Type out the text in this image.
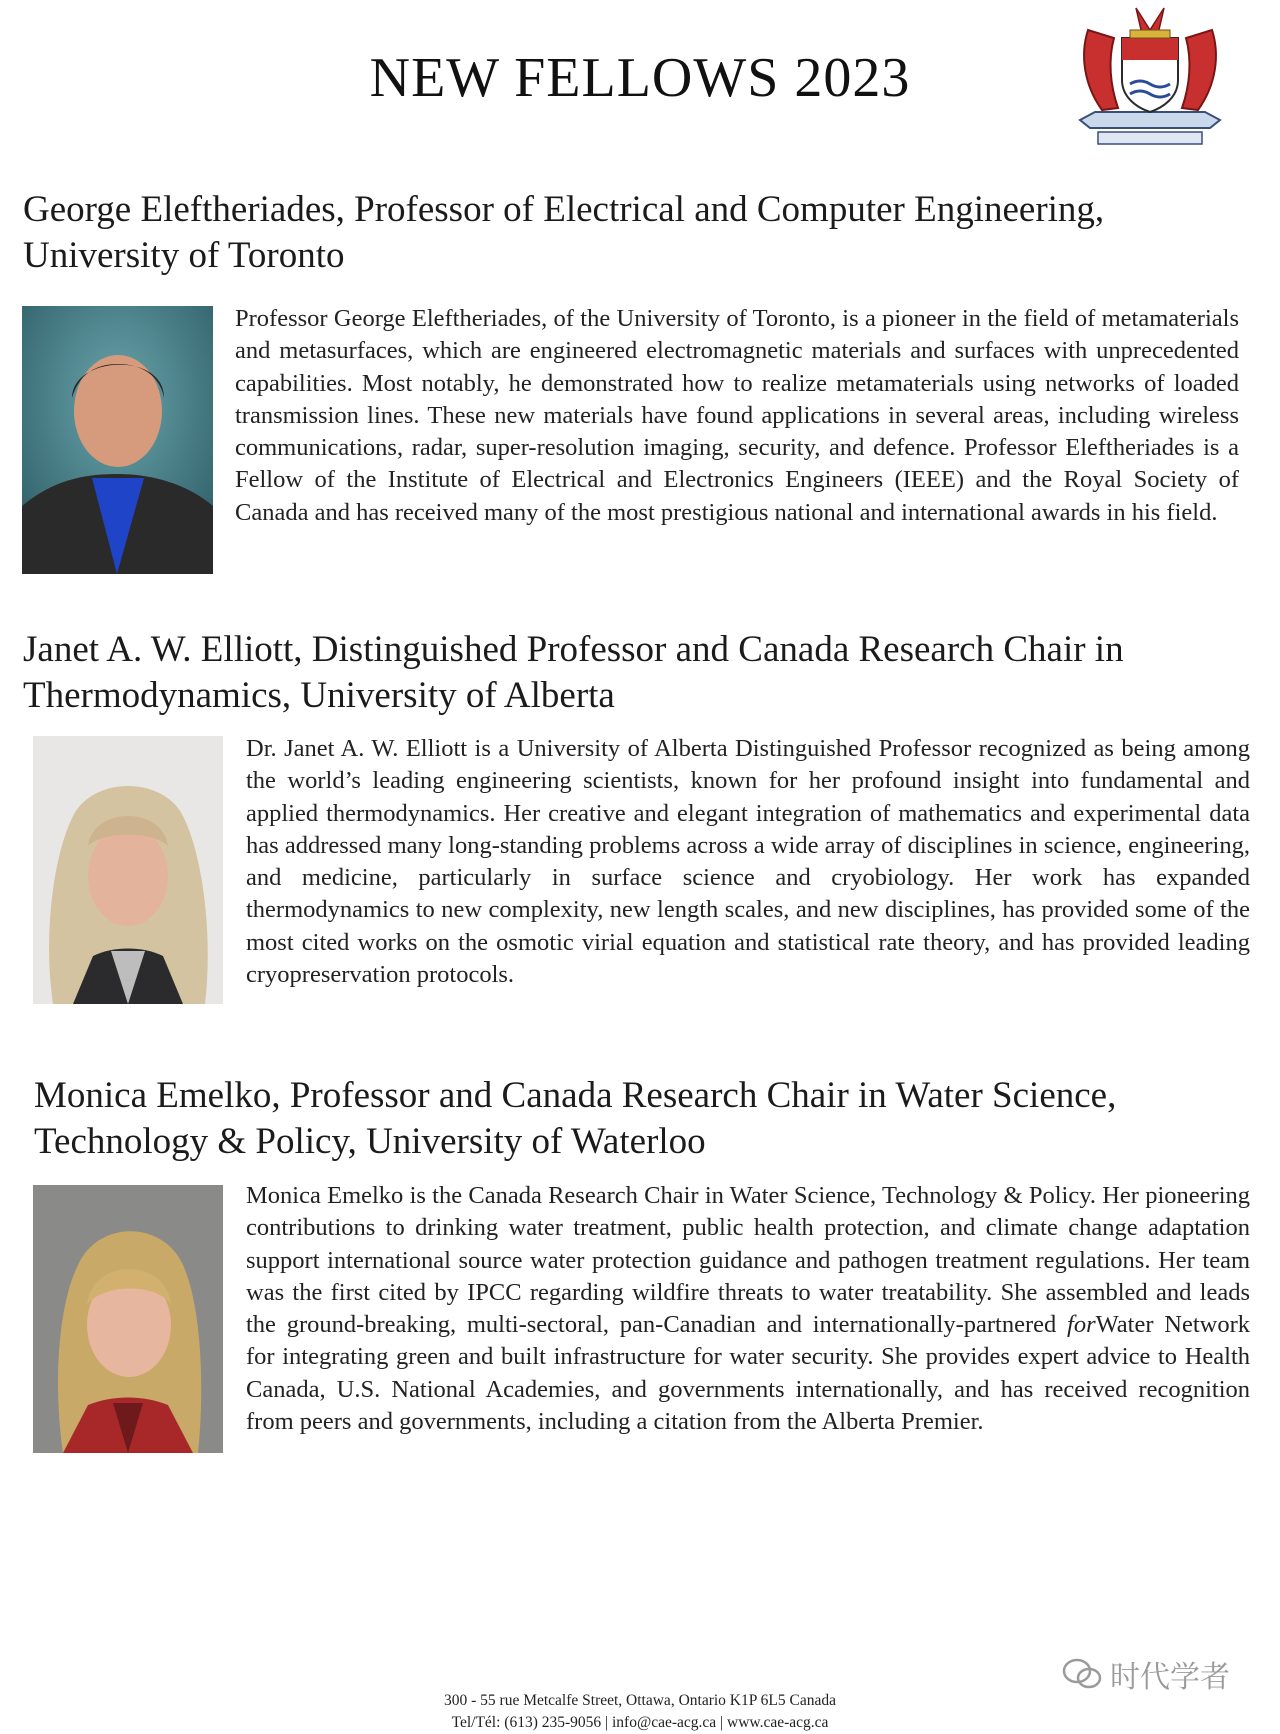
NEW FELLOWS 2023
George Eleftheriades, Professor of Electrical and Computer Engineering,
University of Toronto

Professor George Eleftheriades, of the University of Toronto, is a pioneer in the field of metamaterials and metasurfaces, which are engineered electromagnetic materials and surfaces with unprecedented capabilities. Most notably, he demonstrated how to realize metamaterials using networks of loaded transmission lines. These new materials have found applications in several areas, including wireless communications, radar, super-resolution imaging, security, and defence. Professor Eleftheriades is a Fellow of the Institute of Electrical and Electronics Engineers (IEEE) and the Royal Society of Canada and has received many of the most prestigious national and international awards in his field.

Janet A. W. Elliott, Distinguished Professor and Canada Research Chair in
Thermodynamics, University of Alberta

Dr. Janet A. W. Elliott is a University of Alberta Distinguished Professor recognized as being among the world’s leading engineering scientists, known for her profound insight into fundamental and applied thermodynamics. Her creative and elegant integration of mathematics and experimental data has addressed many long-standing problems across a wide array of disciplines in science, engineering, and medicine, particularly in surface science and cryobiology. Her work has expanded thermodynamics to new complexity, new length scales, and new disciplines, has provided some of the most cited works on the osmotic virial equation and statistical rate theory, and has provided leading cryopreservation protocols.

Monica Emelko, Professor and Canada Research Chair in Water Science,
Technology & Policy, University of Waterloo

Monica Emelko is the Canada Research Chair in Water Science, Technology & Policy. Her pioneering contributions to drinking water treatment, public health protection, and climate change adaptation support international source water protection guidance and pathogen treatment regulations. Her team was the first cited by IPCC regarding wildfire threats to water treatability. She assembled and leads the ground-breaking, multi-sectoral, pan-Canadian and internationally-partnered forWater Network for integrating green and built infrastructure for water security. She provides expert advice to Health Canada, U.S. National Academies, and governments internationally, and has received recognition from peers and governments, including a citation from the Alberta Premier.

时代学者
300 - 55 rue Metcalfe Street, Ottawa, Ontario K1P 6L5 Canada
Tel/Tél: (613) 235-9056 | info@cae-acg.ca | www.cae-acg.ca
